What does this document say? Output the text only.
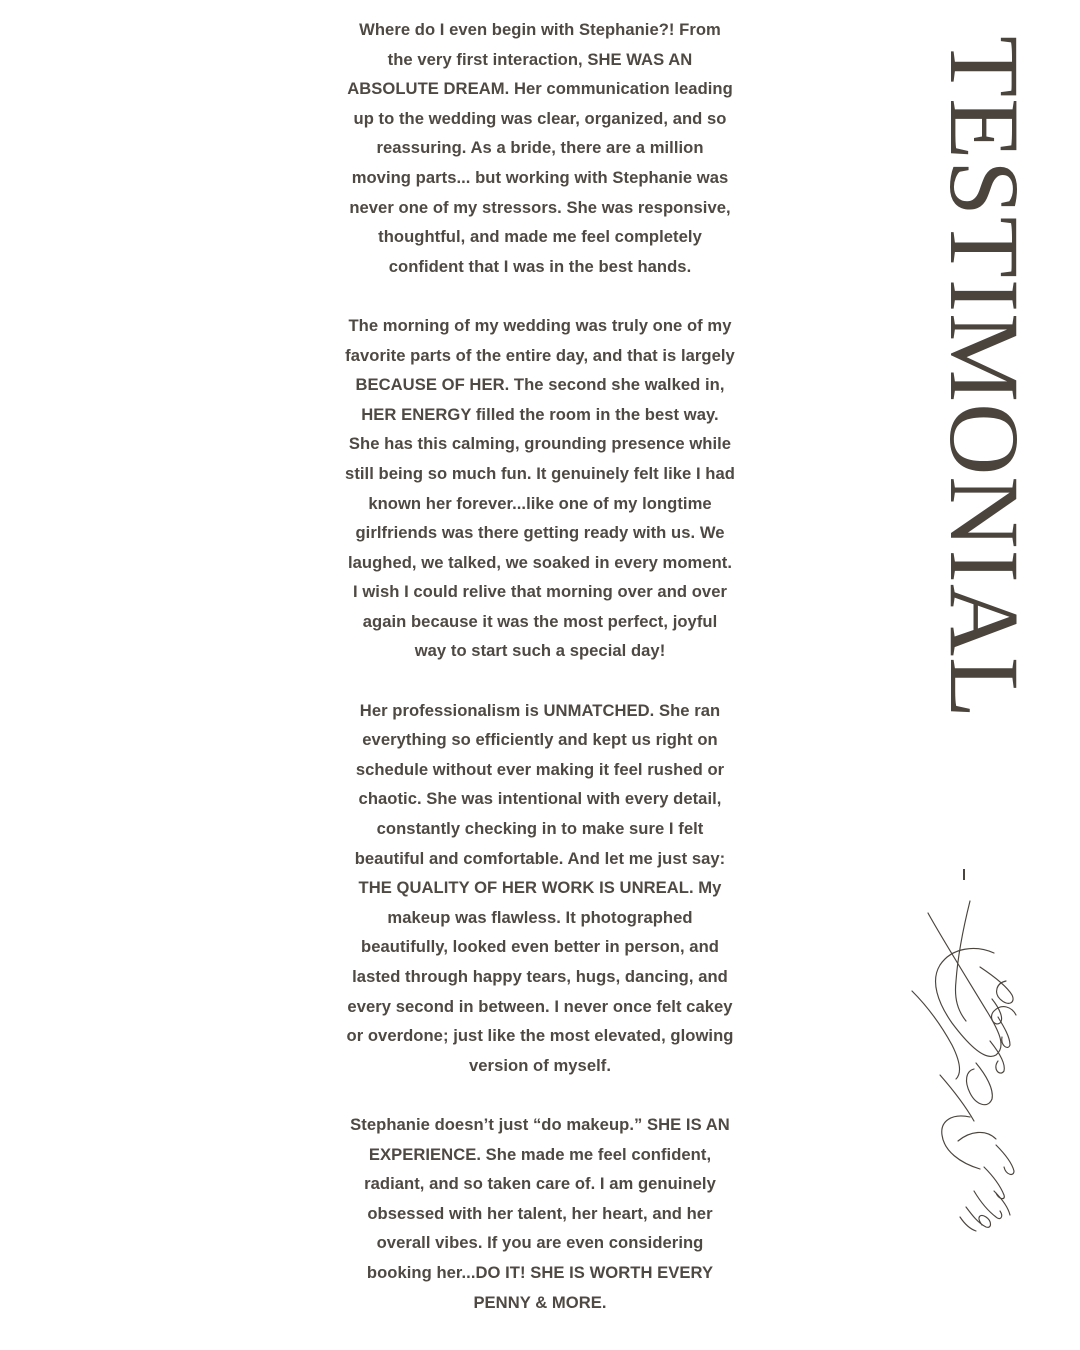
Where do I even begin with Stephanie?! From the very first interaction, SHE WAS AN ABSOLUTE DREAM. Her communication leading up to the wedding was clear, organized, and so reassuring. As a bride, there are a million moving parts... but working with Stephanie was never one of my stressors. She was responsive, thoughtful, and made me feel completely confident that I was in the best hands.

The morning of my wedding was truly one of my favorite parts of the entire day, and that is largely BECAUSE OF HER. The second she walked in, HER ENERGY filled the room in the best way. She has this calming, grounding presence while still being so much fun. It genuinely felt like I had known her forever...like one of my longtime girlfriends was there getting ready with us. We laughed, we talked, we soaked in every moment. I wish I could relive that morning over and over again because it was the most perfect, joyful way to start such a special day!

Her professionalism is UNMATCHED. She ran everything so efficiently and kept us right on schedule without ever making it feel rushed or chaotic. She was intentional with every detail, constantly checking in to make sure I felt beautiful and comfortable. And let me just say: THE QUALITY OF HER WORK IS UNREAL. My makeup was flawless. It photographed beautifully, looked even better in person, and lasted through happy tears, hugs, dancing, and every second in between. I never once felt cakey or overdone; just like the most elevated, glowing version of myself.

Stephanie doesn’t just “do makeup.” SHE IS AN EXPERIENCE. She made me feel confident, radiant, and so taken care of. I am genuinely obsessed with her talent, her heart, and her overall vibes. If you are even considering booking her...DO IT! SHE IS WORTH EVERY PENNY & MORE.

TESTIMONIAL
